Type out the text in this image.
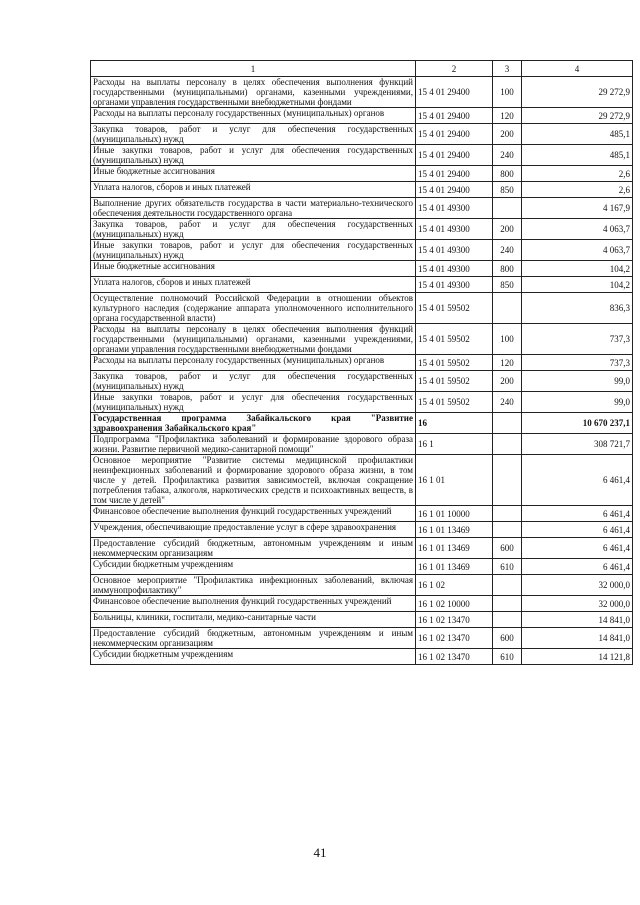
1	2	3	4
Расходы на выплаты персоналу в целях обеспечения выполнения функций государственными (муниципальными) органами, казенными учреждениями, органами управления государственными внебюджетными фондами	15 4 01 29400	100	29 272,9
Расходы на выплаты персоналу государственных (муниципальных) органов	15 4 01 29400	120	29 272,9
Закупка товаров, работ и услуг для обеспечения государственных (муниципальных) нужд	15 4 01 29400	200	485,1
Иные закупки товаров, работ и услуг для обеспечения государственных (муниципальных) нужд	15 4 01 29400	240	485,1
Иные бюджетные ассигнования	15 4 01 29400	800	2,6
Уплата налогов, сборов и иных платежей	15 4 01 29400	850	2,6
Выполнение других обязательств государства в части материально-технического обеспечения деятельности государственного органа	15 4 01 49300		4 167,9
Закупка товаров, работ и услуг для обеспечения государственных (муниципальных) нужд	15 4 01 49300	200	4 063,7
Иные закупки товаров, работ и услуг для обеспечения государственных (муниципальных) нужд	15 4 01 49300	240	4 063,7
Иные бюджетные ассигнования	15 4 01 49300	800	104,2
Уплата налогов, сборов и иных платежей	15 4 01 49300	850	104,2
Осуществление полномочий Российской Федерации в отношении объектов культурного наследия (содержание аппарата уполномоченного исполнительного органа государственной власти)	15 4 01 59502		836,3
Расходы на выплаты персоналу в целях обеспечения выполнения функций государственными (муниципальными) органами, казенными учреждениями, органами управления государственными внебюджетными фондами	15 4 01 59502	100	737,3
Расходы на выплаты персоналу государственных (муниципальных) органов	15 4 01 59502	120	737,3
Закупка товаров, работ и услуг для обеспечения государственных (муниципальных) нужд	15 4 01 59502	200	99,0
Иные закупки товаров, работ и услуг для обеспечения государственных (муниципальных) нужд	15 4 01 59502	240	99,0
Государственная программа Забайкальского края "Развитие здравоохранения Забайкальского края"	16		10 670 237,1
Подпрограмма "Профилактика заболеваний и формирование здорового образа жизни. Развитие первичной медико-санитарной помощи"	16 1		308 721,7
Основное мероприятие "Развитие системы медицинской профилактики неинфекционных заболеваний и формирование здорового образа жизни, в том числе у детей. Профилактика развития зависимостей, включая сокращение потребления табака, алкоголя, наркотических средств и психоактивных веществ, в том числе у детей"	16 1 01		6 461,4
Финансовое обеспечение выполнения функций государственных учреждений	16 1 01 10000		6 461,4
Учреждения, обеспечивающие предоставление услуг в сфере здравоохранения	16 1 01 13469		6 461,4
Предоставление субсидий бюджетным, автономным учреждениям и иным некоммерческим организациям	16 1 01 13469	600	6 461,4
Субсидии бюджетным учреждениям	16 1 01 13469	610	6 461,4
Основное мероприятие "Профилактика инфекционных заболеваний, включая иммунопрофилактику"	16 1 02		32 000,0
Финансовое обеспечение выполнения функций государственных учреждений	16 1 02 10000		32 000,0
Больницы, клиники, госпитали, медико-санитарные части	16 1 02 13470		14 841,0
Предоставление субсидий бюджетным, автономным учреждениям и иным некоммерческим организациям	16 1 02 13470	600	14 841,0
Субсидии бюджетным учреждениям	16 1 02 13470	610	14 121,8
41
